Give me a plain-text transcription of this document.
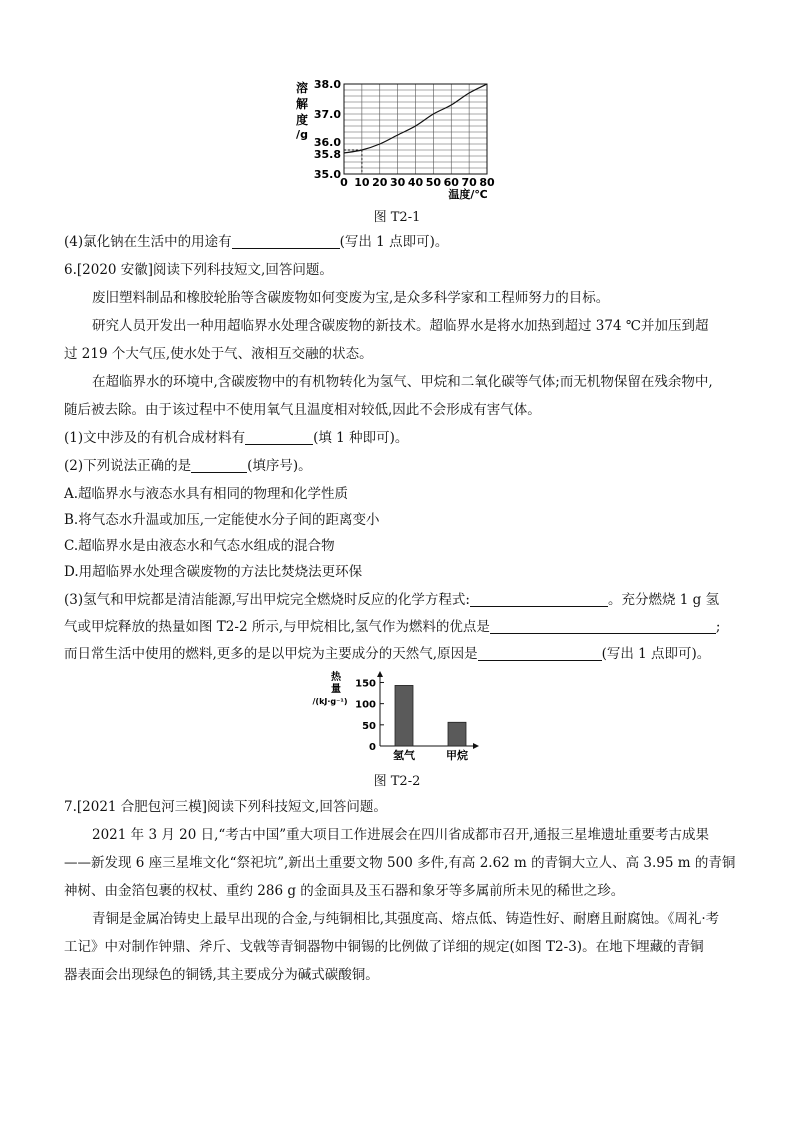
38.0
37.0
36.0
35.8
35.0
0 10 20 30 40 50 60 70 80
溶
解
度
/g
温度/℃
图 T2-1
(4)氯化钠在生活中的用途有	(写出 1 点即可)。
6.[2020 安徽]阅读下列科技短文,回答问题。
废旧塑料制品和橡胶轮胎等含碳废物如何变废为宝,是众多科学家和工程师努力的目标。
研究人员开发出一种用超临界水处理含碳废物的新技术。超临界水是将水加热到超过 374 ℃并加压到超
过 219 个大气压,使水处于气、液相互交融的状态。
在超临界水的环境中,含碳废物中的有机物转化为氢气、甲烷和二氧化碳等气体;而无机物保留在残余物中,
随后被去除。由于该过程中不使用氧气且温度相对较低,因此不会形成有害气体。
(1)文中涉及的有机合成材料有	(填 1 种即可)。
(2)下列说法正确的是	(填序号)。
A.超临界水与液态水具有相同的物理和化学性质
B.将气态水升温或加压,一定能使水分子间的距离变小
C.超临界水是由液态水和气态水组成的混合物
D.用超临界水处理含碳废物的方法比焚烧法更环保
(3)氢气和甲烷都是清洁能源,写出甲烷完全燃烧时反应的化学方程式:	。充分燃烧 1 g 氢
气或甲烷释放的热量如图 T2-2 所示,与甲烷相比,氢气作为燃料的优点是	;
而日常生活中使用的燃料,更多的是以甲烷为主要成分的天然气,原因是	(写出 1 点即可)。
热
量
/(kJ·g⁻¹)
150
100
50
0
氢气	甲烷
图 T2-2
7.[2021 合肥包河三模]阅读下列科技短文,回答问题。
2021 年 3 月 20 日,“考古中国”重大项目工作进展会在四川省成都市召开,通报三星堆遗址重要考古成果
——新发现 6 座三星堆文化“祭祀坑”,新出土重要文物 500 多件,有高 2.62 m 的青铜大立人、高 3.95 m 的青铜
神树、由金箔包裹的权杖、重约 286 g 的金面具及玉石器和象牙等多属前所未见的稀世之珍。
青铜是金属冶铸史上最早出现的合金,与纯铜相比,其强度高、熔点低、铸造性好、耐磨且耐腐蚀。《周礼·考
工记》中对制作钟鼎、斧斤、戈戟等青铜器物中铜锡的比例做了详细的规定(如图 T2-3)。在地下埋藏的青铜
器表面会出现绿色的铜锈,其主要成分为碱式碳酸铜。
